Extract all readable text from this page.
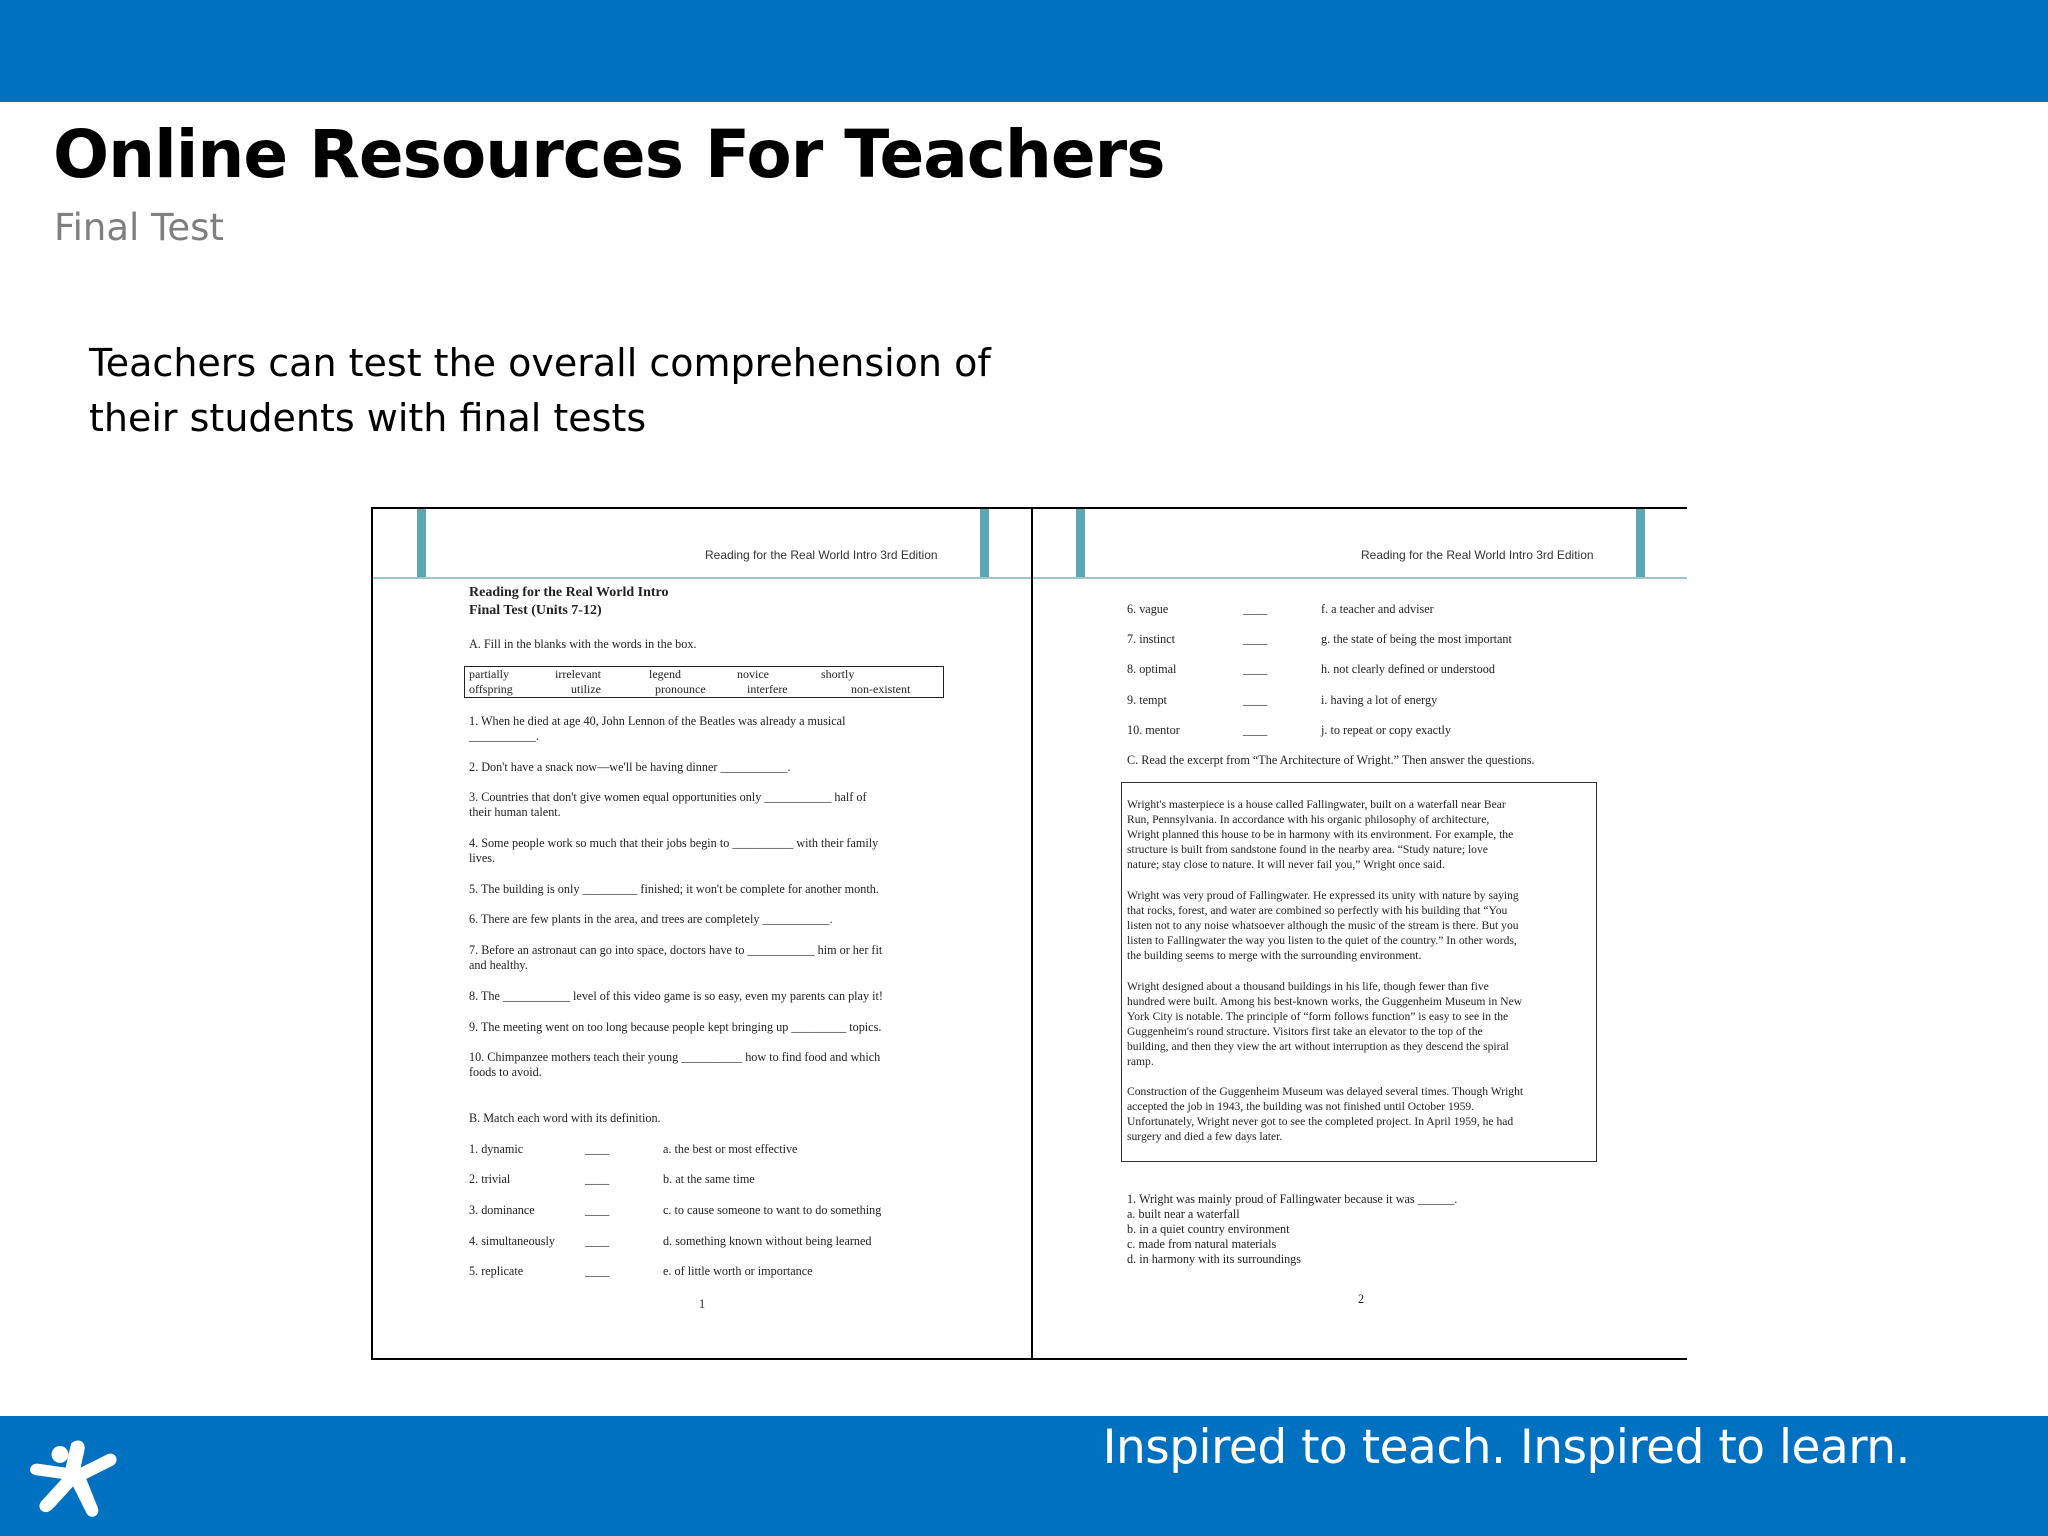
Online Resources For Teachers
Final Test
Teachers can test the overall comprehension of their students with final tests
Reading for the Real World Intro 3rd Edition
Reading for the Real World Intro
Final Test (Units 7-12)
A. Fill in the blanks with the words in the box.
partially	irrelevant	legend	novice	shortly
offspring	utilize	pronounce	interfere	non-existent
1. When he died at age 40, John Lennon of the Beatles was already a musical
___________.
2. Don't have a snack now—we'll be having dinner ___________.
3. Countries that don't give women equal opportunities only ___________ half of
their human talent.
4. Some people work so much that their jobs begin to __________ with their family
lives.
5. The building is only _________ finished; it won't be complete for another month.
6. There are few plants in the area, and trees are completely ___________.
7. Before an astronaut can go into space, doctors have to ___________ him or her fit
and healthy.
8. The ___________ level of this video game is so easy, even my parents can play it!
9. The meeting went on too long because people kept bringing up _________ topics.
10. Chimpanzee mothers teach their young __________ how to find food and which
foods to avoid.
B. Match each word with its definition.
1. dynamic	____	a. the best or most effective
2. trivial	____	b. at the same time
3. dominance	____	c. to cause someone to want to do something
4. simultaneously ____	d. something known without being learned
5. replicate	____	e. of little worth or importance
1
Reading for the Real World Intro 3rd Edition
6. vague	____	f. a teacher and adviser
7. instinct	____	g. the state of being the most important
8. optimal	____	h. not clearly defined or understood
9. tempt	____	i. having a lot of energy
10. mentor	____	j. to repeat or copy exactly
C. Read the excerpt from “The Architecture of Wright.” Then answer the questions.
Wright's masterpiece is a house called Fallingwater, built on a waterfall near Bear
Run, Pennsylvania. In accordance with his organic philosophy of architecture,
Wright planned this house to be in harmony with its environment. For example, the
structure is built from sandstone found in the nearby area. “Study nature; love
nature; stay close to nature. It will never fail you,” Wright once said.
Wright was very proud of Fallingwater. He expressed its unity with nature by saying
that rocks, forest, and water are combined so perfectly with his building that “You
listen not to any noise whatsoever although the music of the stream is there. But you
listen to Fallingwater the way you listen to the quiet of the country.” In other words,
the building seems to merge with the surrounding environment.
Wright designed about a thousand buildings in his life, though fewer than five
hundred were built. Among his best-known works, the Guggenheim Museum in New
York City is notable. The principle of “form follows function” is easy to see in the
Guggenheim's round structure. Visitors first take an elevator to the top of the
building, and then they view the art without interruption as they descend the spiral
ramp.
Construction of the Guggenheim Museum was delayed several times. Though Wright
accepted the job in 1943, the building was not finished until October 1959.
Unfortunately, Wright never got to see the completed project. In April 1959, he had
surgery and died a few days later.
1. Wright was mainly proud of Fallingwater because it was ______.
a. built near a waterfall
b. in a quiet country environment
c. made from natural materials
d. in harmony with its surroundings
2
Inspired to teach. Inspired to learn.
